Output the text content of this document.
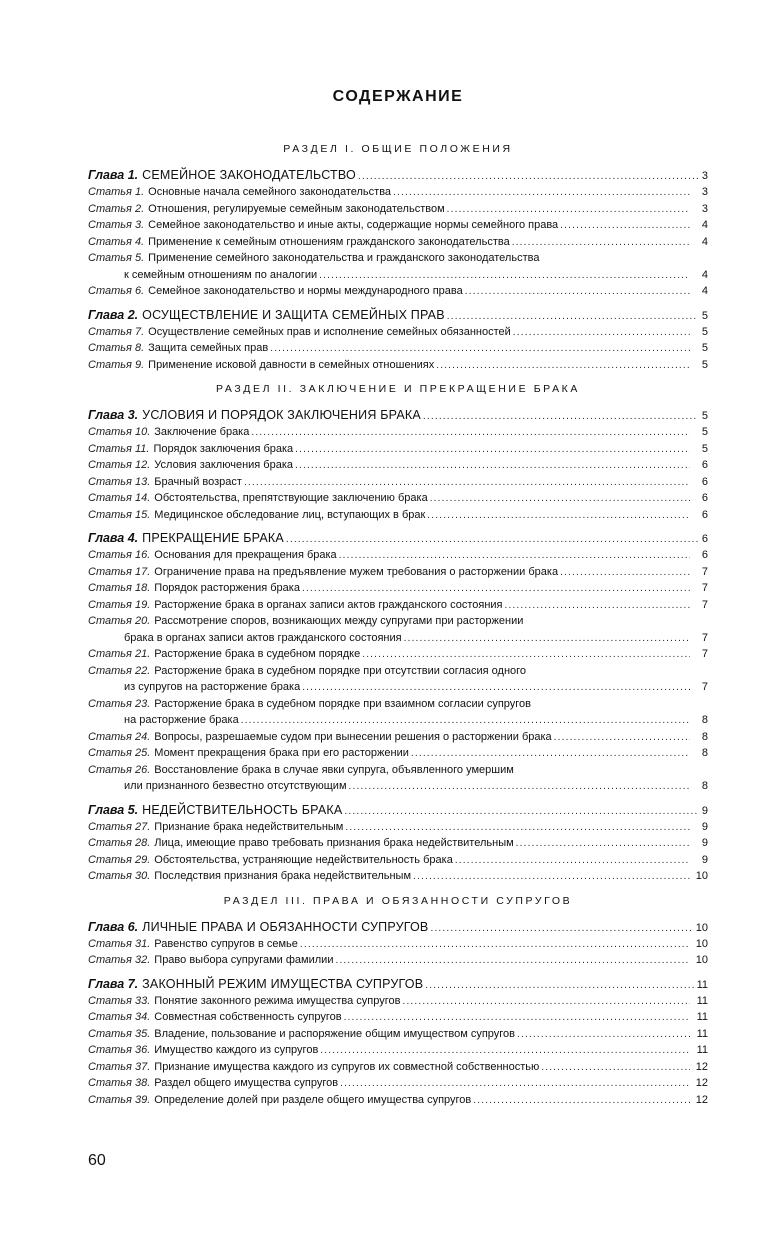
СОДЕРЖАНИЕ
РАЗДЕЛ I. ОБЩИЕ ПОЛОЖЕНИЯ
Глава 1. СЕМЕЙНОЕ ЗАКОНОДАТЕЛЬСТВО .....	3
Статья 1. Основные начала семейного законодательства .....	3
Статья 2. Отношения, регулируемые семейным законодательством .....	3
Статья 3. Семейное законодательство и иные акты, содержащие нормы семейного права .....	4
Статья 4. Применение к семейным отношениям гражданского законодательства .....	4
Статья 5. Применение семейного законодательства и гражданского законодательства
к семейным отношениям по аналогии .....	4
Статья 6. Семейное законодательство и нормы международного права .....	4
Глава 2. ОСУЩЕСТВЛЕНИЕ И ЗАЩИТА СЕМЕЙНЫХ ПРАВ .....	5
Статья 7. Осуществление семейных прав и исполнение семейных обязанностей .....	5
Статья 8. Защита семейных прав .....	5
Статья 9. Применение исковой давности в семейных отношениях .....	5
РАЗДЕЛ II. ЗАКЛЮЧЕНИЕ И ПРЕКРАЩЕНИЕ БРАКА
Глава 3. УСЛОВИЯ И ПОРЯДОК ЗАКЛЮЧЕНИЯ БРАКА .....	5
Статья 10. Заключение брака .....	5
Статья 11. Порядок заключения брака .....	5
Статья 12. Условия заключения брака .....	6
Статья 13. Брачный возраст .....	6
Статья 14. Обстоятельства, препятствующие заключению брака .....	6
Статья 15. Медицинское обследование лиц, вступающих в брак .....	6
Глава 4. ПРЕКРАЩЕНИЕ БРАКА .....	6
Статья 16. Основания для прекращения брака .....	6
Статья 17. Ограничение права на предъявление мужем требования о расторжении брака .....	7
Статья 18. Порядок расторжения брака .....	7
Статья 19. Расторжение брака в органах записи актов гражданского состояния .....	7
Статья 20. Рассмотрение споров, возникающих между супругами при расторжении
брака в органах записи актов гражданского состояния .....	7
Статья 21. Расторжение брака в судебном порядке .....	7
Статья 22. Расторжение брака в судебном порядке при отсутствии согласия одного
из супругов на расторжение брака .....	7
Статья 23. Расторжение брака в судебном порядке при взаимном согласии супругов
на расторжение брака .....	8
Статья 24. Вопросы, разрешаемые судом при вынесении решения о расторжении брака .....	8
Статья 25. Момент прекращения брака при его расторжении .....	8
Статья 26. Восстановление брака в случае явки супруга, объявленного умершим
или признанного безвестно отсутствующим .....	8
Глава 5. НЕДЕЙСТВИТЕЛЬНОСТЬ БРАКА .....	9
Статья 27. Признание брака недействительным .....	9
Статья 28. Лица, имеющие право требовать признания брака недействительным .....	9
Статья 29. Обстоятельства, устраняющие недействительность брака .....	9
Статья 30. Последствия признания брака недействительным .....	10
РАЗДЕЛ III. ПРАВА И ОБЯЗАННОСТИ СУПРУГОВ
Глава 6. ЛИЧНЫЕ ПРАВА И ОБЯЗАННОСТИ СУПРУГОВ .....	10
Статья 31. Равенство супругов в семье .....	10
Статья 32. Право выбора супругами фамилии .....	10
Глава 7. ЗАКОННЫЙ РЕЖИМ ИМУЩЕСТВА СУПРУГОВ .....	11
Статья 33. Понятие законного режима имущества супругов .....	11
Статья 34. Совместная собственность супругов .....	11
Статья 35. Владение, пользование и распоряжение общим имуществом супругов .....	11
Статья 36. Имущество каждого из супругов .....	11
Статья 37. Признание имущества каждого из супругов их совместной собственностью .....	12
Статья 38. Раздел общего имущества супругов .....	12
Статья 39. Определение долей при разделе общего имущества супругов .....	12
60
